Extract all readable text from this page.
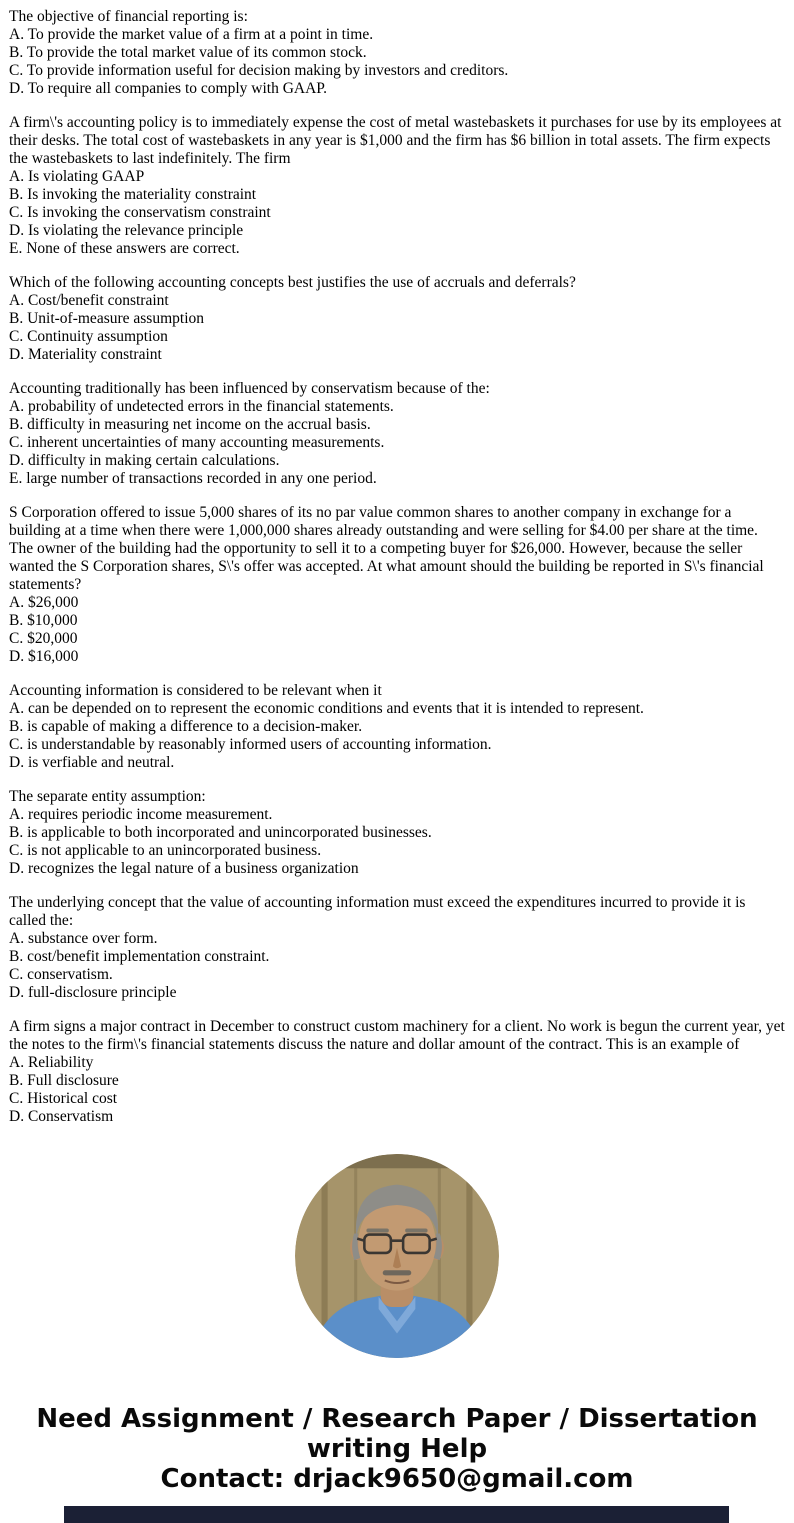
The objective of financial reporting is:
A. To provide the market value of a firm at a point in time.
B. To provide the total market value of its common stock.
C. To provide information useful for decision making by investors and creditors.
D. To require all companies to comply with GAAP.
A firm\'s accounting policy is to immediately expense the cost of metal wastebaskets it purchases for use by its employees at their desks. The total cost of wastebaskets in any year is $1,000 and the firm has $6 billion in total assets. The firm expects the wastebaskets to last indefinitely. The firm
A. Is violating GAAP
B. Is invoking the materiality constraint
C. Is invoking the conservatism constraint
D. Is violating the relevance principle
E. None of these answers are correct.
Which of the following accounting concepts best justifies the use of accruals and deferrals?
A. Cost/benefit constraint
B. Unit-of-measure assumption
C. Continuity assumption
D. Materiality constraint
Accounting traditionally has been influenced by conservatism because of the:
A. probability of undetected errors in the financial statements.
B. difficulty in measuring net income on the accrual basis.
C. inherent uncertainties of many accounting measurements.
D. difficulty in making certain calculations.
E. large number of transactions recorded in any one period.
S Corporation offered to issue 5,000 shares of its no par value common shares to another company in exchange for a building at a time when there were 1,000,000 shares already outstanding and were selling for $4.00 per share at the time. The owner of the building had the opportunity to sell it to a competing buyer for $26,000. However, because the seller wanted the S Corporation shares, S\'s offer was accepted. At what amount should the building be reported in S\'s financial statements?
A. $26,000
B. $10,000
C. $20,000
D. $16,000
Accounting information is considered to be relevant when it
A. can be depended on to represent the economic conditions and events that it is intended to represent.
B. is capable of making a difference to a decision-maker.
C. is understandable by reasonably informed users of accounting information.
D. is verfiable and neutral.
The separate entity assumption:
A. requires periodic income measurement.
B. is applicable to both incorporated and unincorporated businesses.
C. is not applicable to an unincorporated business.
D. recognizes the legal nature of a business organization
The underlying concept that the value of accounting information must exceed the expenditures incurred to provide it is called the:
A. substance over form.
B. cost/benefit implementation constraint.
C. conservatism.
D. full-disclosure principle
A firm signs a major contract in December to construct custom machinery for a client. No work is begun the current year, yet the notes to the firm\'s financial statements discuss the nature and dollar amount of the contract. This is an example of
A. Reliability
B. Full disclosure
C. Historical cost
D. Conservatism
Need Assignment / Research Paper / Dissertation
writing Help
Contact: drjack9650@gmail.com
